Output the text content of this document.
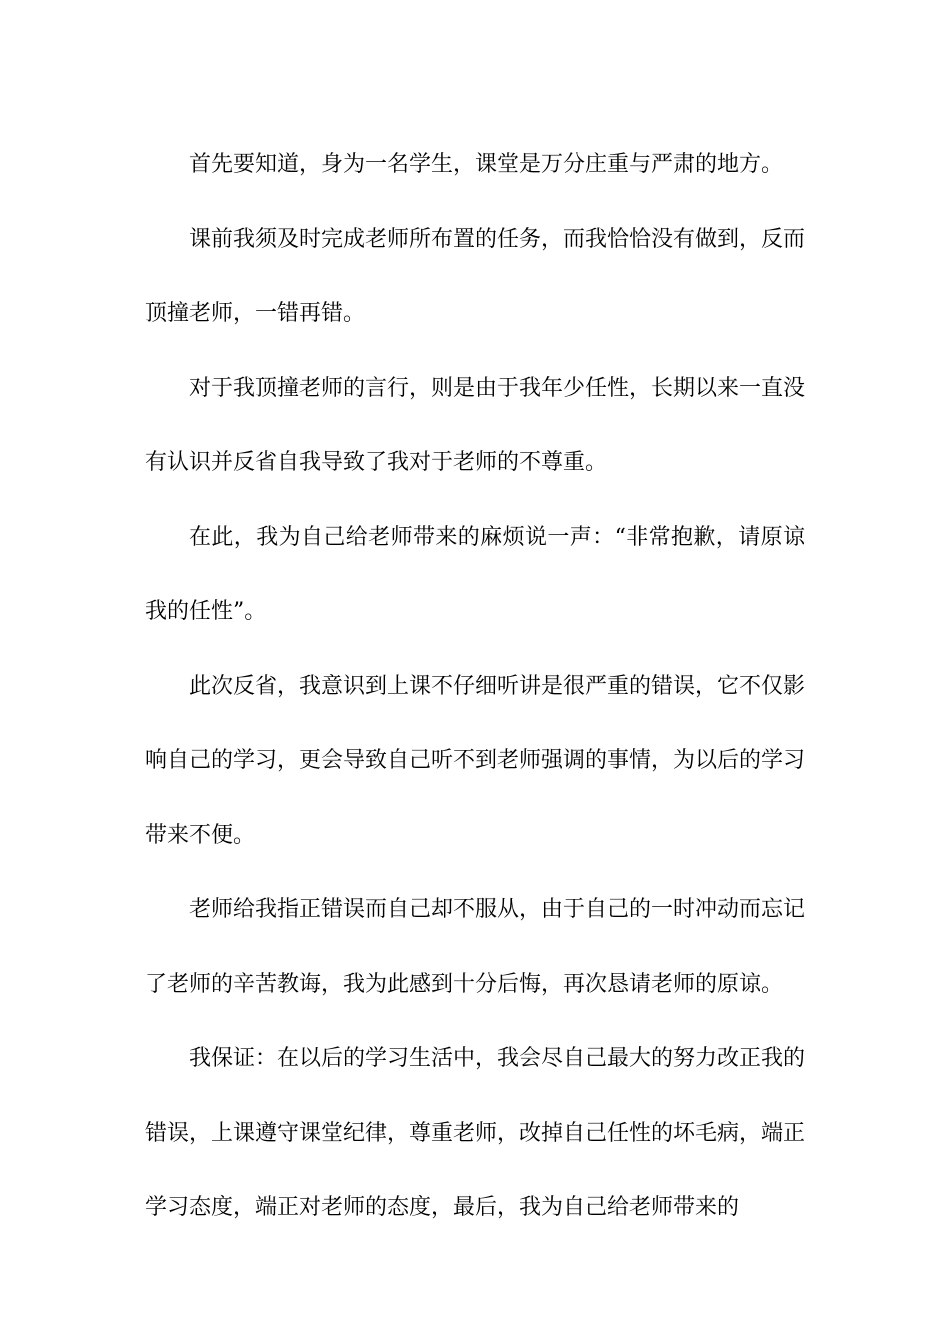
首先要知道，身为一名学生，课堂是万分庄重与严肃的地方。

课前我须及时完成老师所布置的任务，而我恰恰没有做到，反而顶撞老师，一错再错。

对于我顶撞老师的言行，则是由于我年少任性，长期以来一直没有认识并反省自我导致了我对于老师的不尊重。

在此，我为自己给老师带来的麻烦说一声：“非常抱歉，请原谅我的任性”。

此次反省，我意识到上课不仔细听讲是很严重的错误，它不仅影响自己的学习，更会导致自己听不到老师强调的事情，为以后的学习带来不便。

老师给我指正错误而自己却不服从，由于自己的一时冲动而忘记了老师的辛苦教诲，我为此感到十分后悔，再次恳请老师的原谅。

我保证：在以后的学习生活中，我会尽自己最大的努力改正我的错误，上课遵守课堂纪律，尊重老师，改掉自己任性的坏毛病，端正学习态度，端正对老师的态度，最后，我为自己给老师带来的
